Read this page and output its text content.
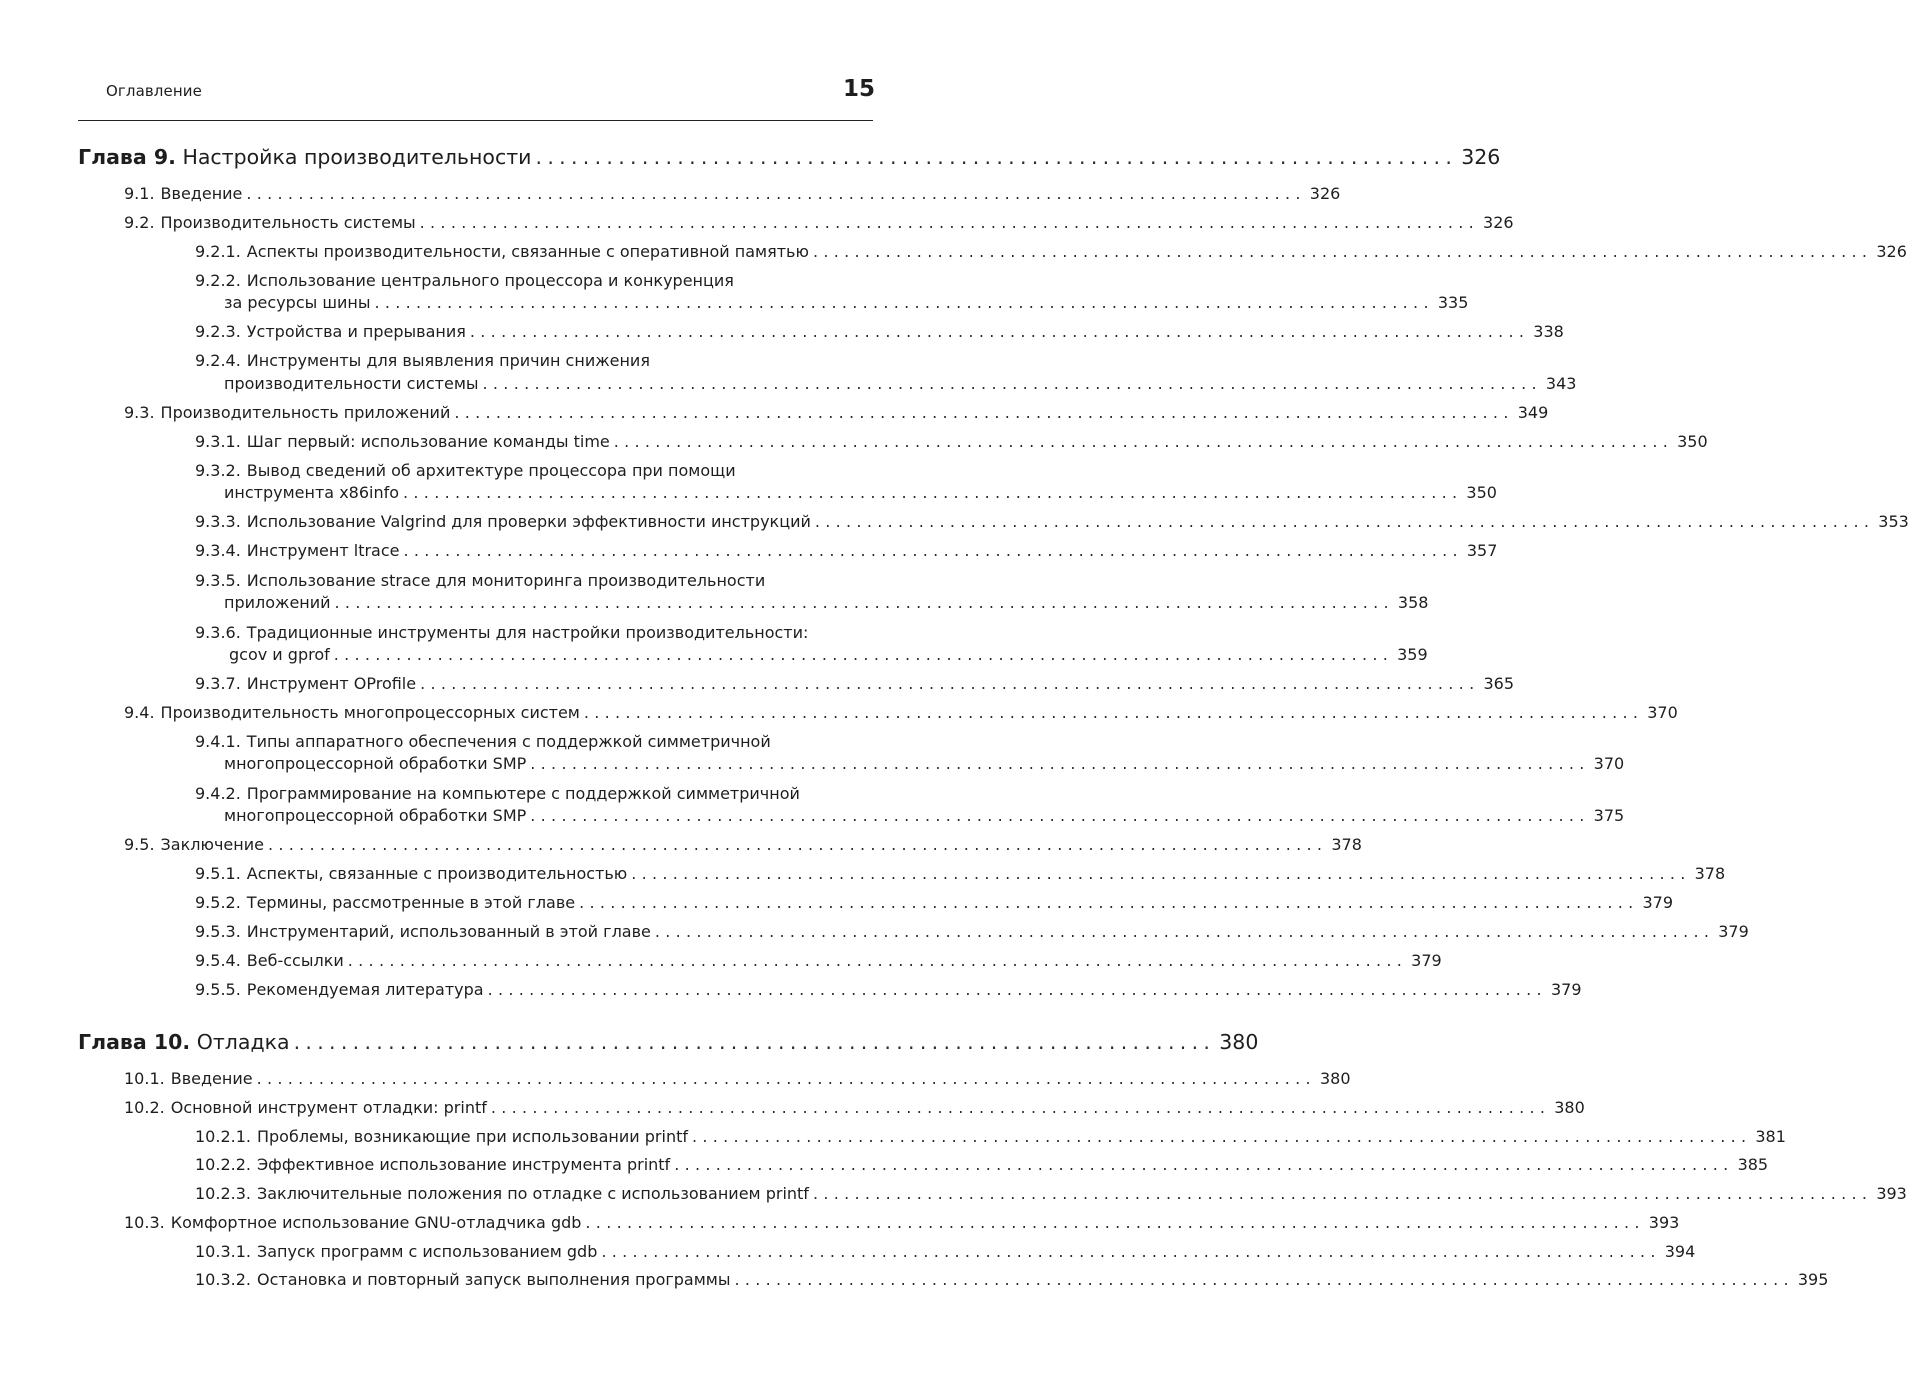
Оглавление	15
Глава 9. Настройка производительности .............................................................................. 326
9.1. Введение ...................................................................................................... 326
9.2. Производительность системы ...................................................................................................... 326
9.2.1. Аспекты производительности, связанные с оперативной памятью ...................................................................................................... 326
9.2.2. Использование центрального процессора и конкуренция
за ресурсы шины ...................................................................................................... 335
9.2.3. Устройства и прерывания ...................................................................................................... 338
9.2.4. Инструменты для выявления причин снижения
производительности системы ...................................................................................................... 343
9.3. Производительность приложений ...................................................................................................... 349
9.3.1. Шаг первый: использование команды time ...................................................................................................... 350
9.3.2. Вывод сведений об архитектуре процессора при помощи
инструмента x86info ...................................................................................................... 350
9.3.3. Использование Valgrind для проверки эффективности инструкций ...................................................................................................... 353
9.3.4. Инструмент ltrace ...................................................................................................... 357
9.3.5. Использование strace для мониторинга производительности
приложений ...................................................................................................... 358
9.3.6. Традиционные инструменты для настройки производительности:
gcov и gprof ...................................................................................................... 359
9.3.7. Инструмент OProfile ...................................................................................................... 365
9.4. Производительность многопроцессорных систем ...................................................................................................... 370
9.4.1. Типы аппаратного обеспечения с поддержкой симметричной
многопроцессорной обработки SMP ...................................................................................................... 370
9.4.2. Программирование на компьютере с поддержкой симметричной
многопроцессорной обработки SMP ...................................................................................................... 375
9.5. Заключение ...................................................................................................... 378
9.5.1. Аспекты, связанные с производительностью ...................................................................................................... 378
9.5.2. Термины, рассмотренные в этой главе ...................................................................................................... 379
9.5.3. Инструментарий, использованный в этой главе ...................................................................................................... 379
9.5.4. Веб-ссылки ...................................................................................................... 379
9.5.5. Рекомендуемая литература ...................................................................................................... 379
Глава 10. Отладка .............................................................................. 380
10.1. Введение ...................................................................................................... 380
10.2. Основной инструмент отладки: printf ...................................................................................................... 380
10.2.1. Проблемы, возникающие при использовании printf ...................................................................................................... 381
10.2.2. Эффективное использование инструмента printf ...................................................................................................... 385
10.2.3. Заключительные положения по отладке с использованием printf ...................................................................................................... 393
10.3. Комфортное использование GNU-отладчика gdb ...................................................................................................... 393
10.3.1. Запуск программ с использованием gdb ...................................................................................................... 394
10.3.2. Остановка и повторный запуск выполнения программы ...................................................................................................... 395
